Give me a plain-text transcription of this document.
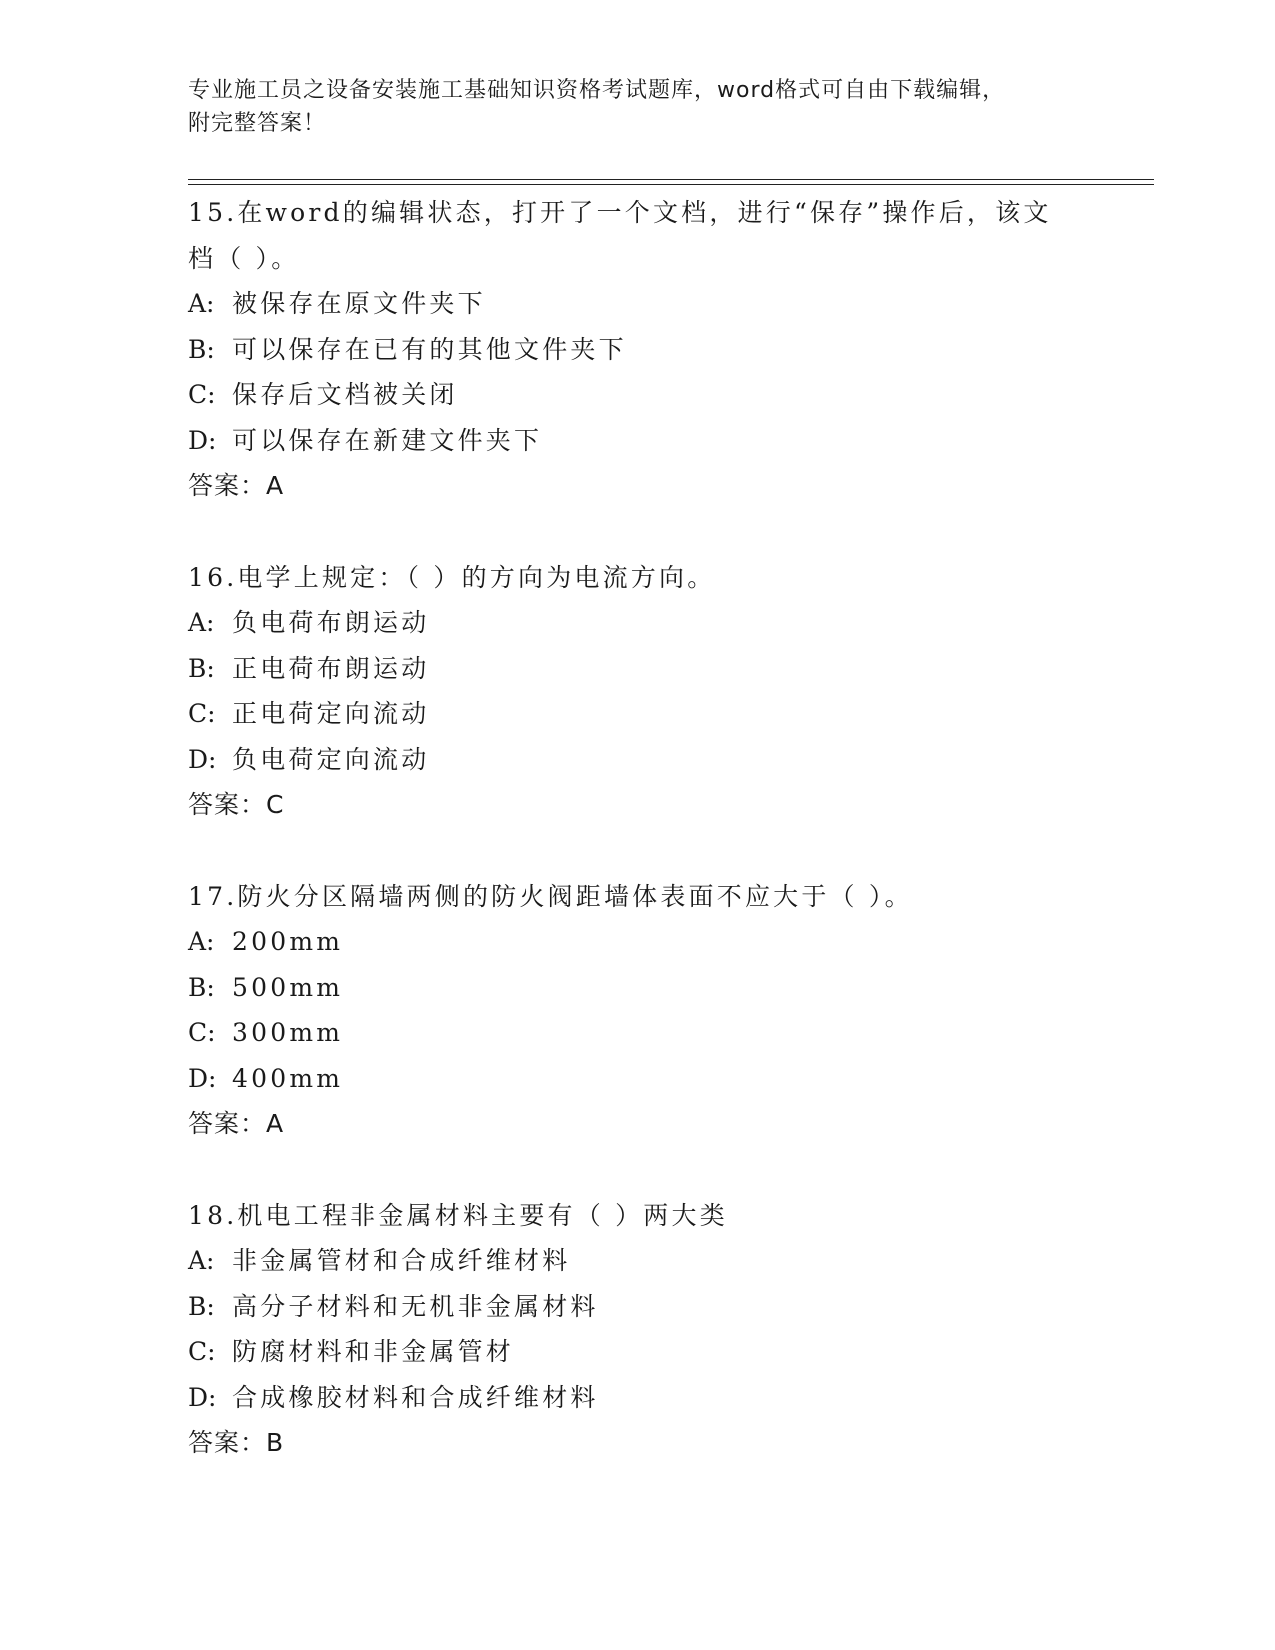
专业施工员之设备安装施工基础知识资格考试题库，word格式可自由下载编辑，
附完整答案！
15.在word的编辑状态，打开了一个文档，进行“保存”操作后，该文档（ ）。
A: 被保存在原文件夹下
B: 可以保存在已有的其他文件夹下
C: 保存后文档被关闭
D: 可以保存在新建文件夹下
答案：A
16.电学上规定：（ ）的方向为电流方向。
A: 负电荷布朗运动
B: 正电荷布朗运动
C: 正电荷定向流动
D: 负电荷定向流动
答案：C
17.防火分区隔墙两侧的防火阀距墙体表面不应大于（ ）。
A: 200mm
B: 500mm
C: 300mm
D: 400mm
答案：A
18.机电工程非金属材料主要有（ ）两大类
A: 非金属管材和合成纤维材料
B: 高分子材料和无机非金属材料
C: 防腐材料和非金属管材
D: 合成橡胶材料和合成纤维材料
答案：B
